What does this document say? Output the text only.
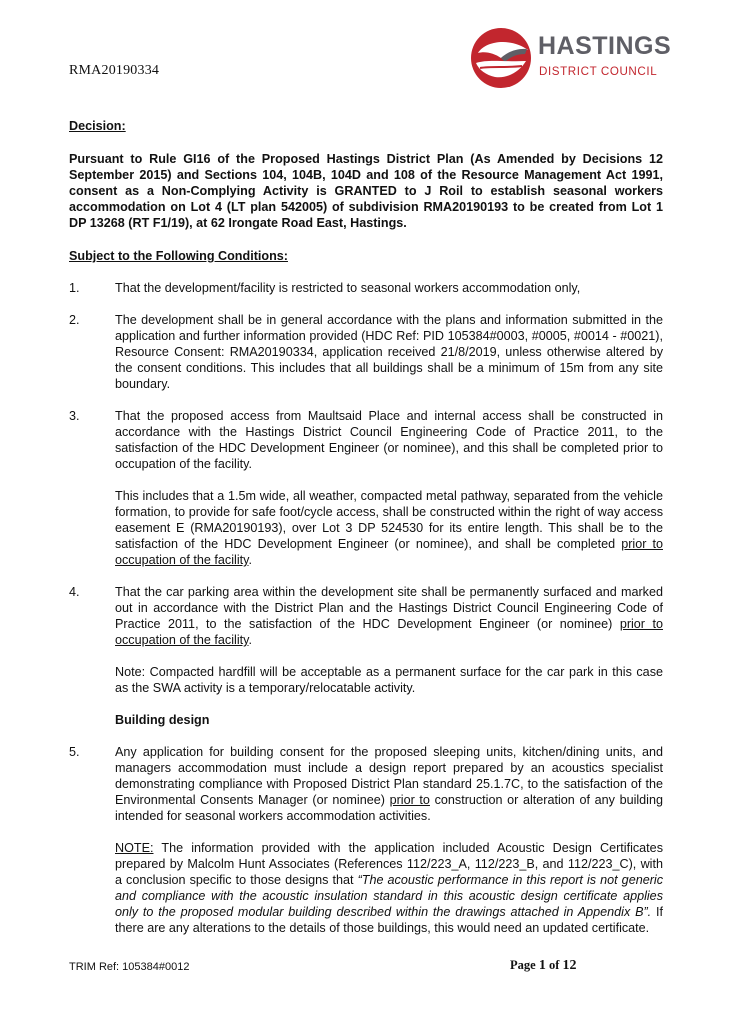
RMA20190334
HASTINGS
DISTRICT COUNCIL
Decision:

Pursuant to Rule GI16 of the Proposed Hastings District Plan (As Amended by Decisions 12 September 2015) and Sections 104, 104B, 104D and 108 of the Resource Management Act 1991, consent as a Non-Complying Activity is GRANTED to J Roil to establish seasonal workers accommodation on Lot 4 (LT plan 542005) of subdivision RMA20190193 to be created from Lot 1 DP 13268 (RT F1/19), at 62 Irongate Road East, Hastings.

Subject to the Following Conditions:
1.	That the development/facility is restricted to seasonal workers accommodation only,

2.	The development shall be in general accordance with the plans and information submitted in the application and further information provided (HDC Ref: PID 105384#0003, #0005, #0014 - #0021), Resource Consent: RMA20190334, application received 21/8/2019, unless otherwise altered by the consent conditions. This includes that all buildings shall be a minimum of 15m from any site boundary.

3.	That the proposed access from Maultsaid Place and internal access shall be constructed in accordance with the Hastings District Council Engineering Code of Practice 2011, to the satisfaction of the HDC Development Engineer (or nominee), and this shall be completed prior to occupation of the facility.

This includes that a 1.5m wide, all weather, compacted metal pathway, separated from the vehicle formation, to provide for safe foot/cycle access, shall be constructed within the right of way access easement E (RMA20190193), over Lot 3 DP 524530 for its entire length. This shall be to the satisfaction of the HDC Development Engineer (or nominee), and shall be completed prior to occupation of the facility.

4.	That the car parking area within the development site shall be permanently surfaced and marked out in accordance with the District Plan and the Hastings District Council Engineering Code of Practice 2011, to the satisfaction of the HDC Development Engineer (or nominee) prior to occupation of the facility.

Note: Compacted hardfill will be acceptable as a permanent surface for the car park in this case as the SWA activity is a temporary/relocatable activity.

Building design
5.	Any application for building consent for the proposed sleeping units, kitchen/dining units, and managers accommodation must include a design report prepared by an acoustics specialist demonstrating compliance with Proposed District Plan standard 25.1.7C, to the satisfaction of the Environmental Consents Manager (or nominee) prior to construction or alteration of any building intended for seasonal workers accommodation activities.

NOTE: The information provided with the application included Acoustic Design Certificates prepared by Malcolm Hunt Associates (References 112/223_A, 112/223_B, and 112/223_C), with a conclusion specific to those designs that “The acoustic performance in this report is not generic and compliance with the acoustic insulation standard in this acoustic design certificate applies only to the proposed modular building described within the drawings attached in Appendix B”. If there are any alterations to the details of those buildings, this would need an updated certificate.

TRIM Ref: 105384#0012	Page 1 of 12
